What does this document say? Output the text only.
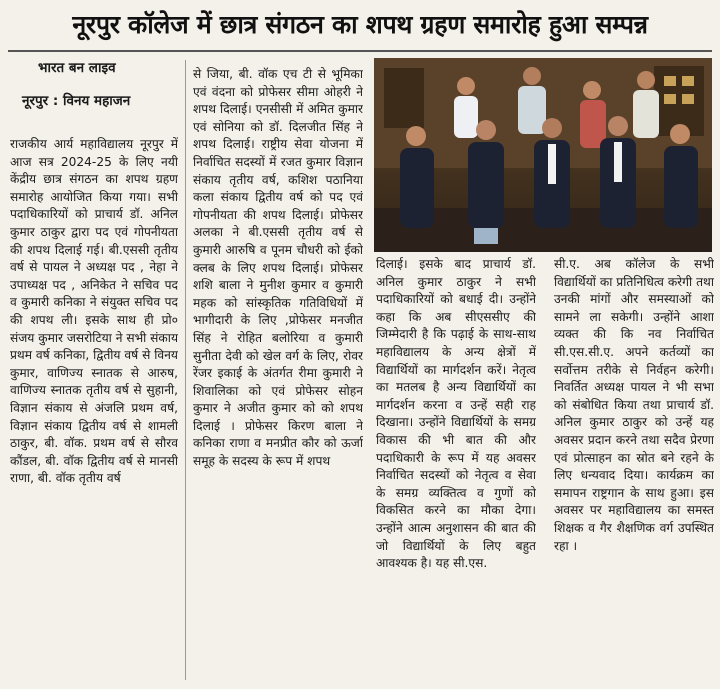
नूरपुर कॉलेज में छात्र संगठन का शपथ ग्रहण समारोह हुआ सम्पन्न
भारत बन लाइव
नूरपुर : विनय महाजन

राजकीय आर्य महाविद्यालय नूरपुर में आज सत्र 2024-25 के लिए नयी केंद्रीय छात्र संगठन का शपथ ग्रहण समारोह आयोजित किया गया। सभी पदाधिकारियों को प्राचार्य डॉ. अनिल कुमार ठाकुर द्वारा पद एवं गोपनीयता की शपथ दिलाई गई। बी.एससी तृतीय वर्ष से पायल ने अध्यक्ष पद , नेहा ने उपाध्यक्ष पद , अनिकेत ने सचिव पद व कुमारी कनिका ने संयुक्त सचिव पद की शपथ ली। इसके साथ ही प्रो० संजय कुमार जसरोटिया ने सभी संकाय प्रथम वर्ष कनिका, द्वितीय वर्ष से विनय कुमार, वाणिज्य स्नातक से आरुष, वाणिज्य स्नातक तृतीय वर्ष से सुहानी, विज्ञान संकाय से अंजलि प्रथम वर्ष, विज्ञान संकाय द्वितीय वर्ष से शामली ठाकुर, बी. वॉक. प्रथम वर्ष से सौरव कौंडल, बी. वॉक द्वितीय वर्ष से मानसी राणा, बी. वॉक तृतीय वर्ष

से जिया, बी. वॉक एच टी से भूमिका एवं वंदना को प्रोफेसर सीमा ओहरी ने शपथ दिलाई। एनसीसी में अमित कुमार एवं सोनिया को डॉ. दिलजीत सिंह ने शपथ दिलाई। राष्ट्रीय सेवा योजना में निर्वाचित सदस्यों में रजत कुमार विज्ञान संकाय तृतीय वर्ष, कशिश पठानिया कला संकाय द्वितीय वर्ष को पद एवं गोपनीयता की शपथ दिलाई। प्रोफेसर अलका ने बी.एससी तृतीय वर्ष से कुमारी आरुषि व पूनम चौधरी को ईको क्लब के लिए शपथ दिलाई। प्रोफेसर शशि बाला ने मुनीश कुमार व कुमारी महक को सांस्कृतिक गतिविधियों में भागीदारी के लिए ,प्रोफेसर मनजीत सिंह ने रोहित बलोरिया व कुमारी सुनीता देवी को खेल वर्ग के लिए, रोवर रेंजर इकाई के अंतर्गत रीमा कुमारी ने शिवालिका को एवं प्रोफेसर सोहन कुमार ने अजीत कुमार को को शपथ दिलाई । प्रोफेसर किरण बाला ने कनिका राणा व मनप्रीत कौर को ऊर्जा समूह के सदस्य के रूप में शपथ

दिलाई। इसके बाद प्राचार्य डॉ. अनिल कुमार ठाकुर ने सभी पदाधिकारियों को बधाई दी। उन्होंने कहा कि अब सीएससीए की जिम्मेदारी है कि पढ़ाई के साथ-साथ महाविद्यालय के अन्य क्षेत्रों में विद्यार्थियों का मार्गदर्शन करें। नेतृत्व का मतलब है अन्य विद्यार्थियों का मार्गदर्शन करना व उन्हें सही राह दिखाना। उन्होंने विद्यार्थियों के समग्र विकास की भी बात की और पदाधिकारी के रूप में यह अवसर निर्वाचित सदस्यों को नेतृत्व व सेवा के समग्र व्यक्तित्व व गुणों को विकसित करने का मौका देगा। उन्होंने आत्म अनुशासन की बात की जो विद्यार्थियों के लिए बहुत आवश्यक है। यह सी.एस.

सी.ए. अब कॉलेज के सभी विद्यार्थियों का प्रतिनिधित्व करेगी तथा उनकी मांगों और समस्याओं को सामने ला सकेगी। उन्होंने आशा व्यक्त की कि नव निर्वाचित सी.एस.सी.ए. अपने कर्तव्यों का सर्वोत्तम तरीके से निर्वहन करेगी। निवर्तित अध्यक्ष पायल ने भी सभा को संबोधित किया तथा प्राचार्य डॉ. अनिल कुमार ठाकुर को उन्हें यह अवसर प्रदान करने तथा सदैव प्रेरणा एवं प्रोत्साहन का स्रोत बने रहने के लिए धन्यवाद दिया। कार्यक्रम का समापन राष्ट्रगान के साथ हुआ। इस अवसर पर महाविद्यालय का समस्त शिक्षक व गैर शैक्षणिक वर्ग उपस्थित रहा ।
